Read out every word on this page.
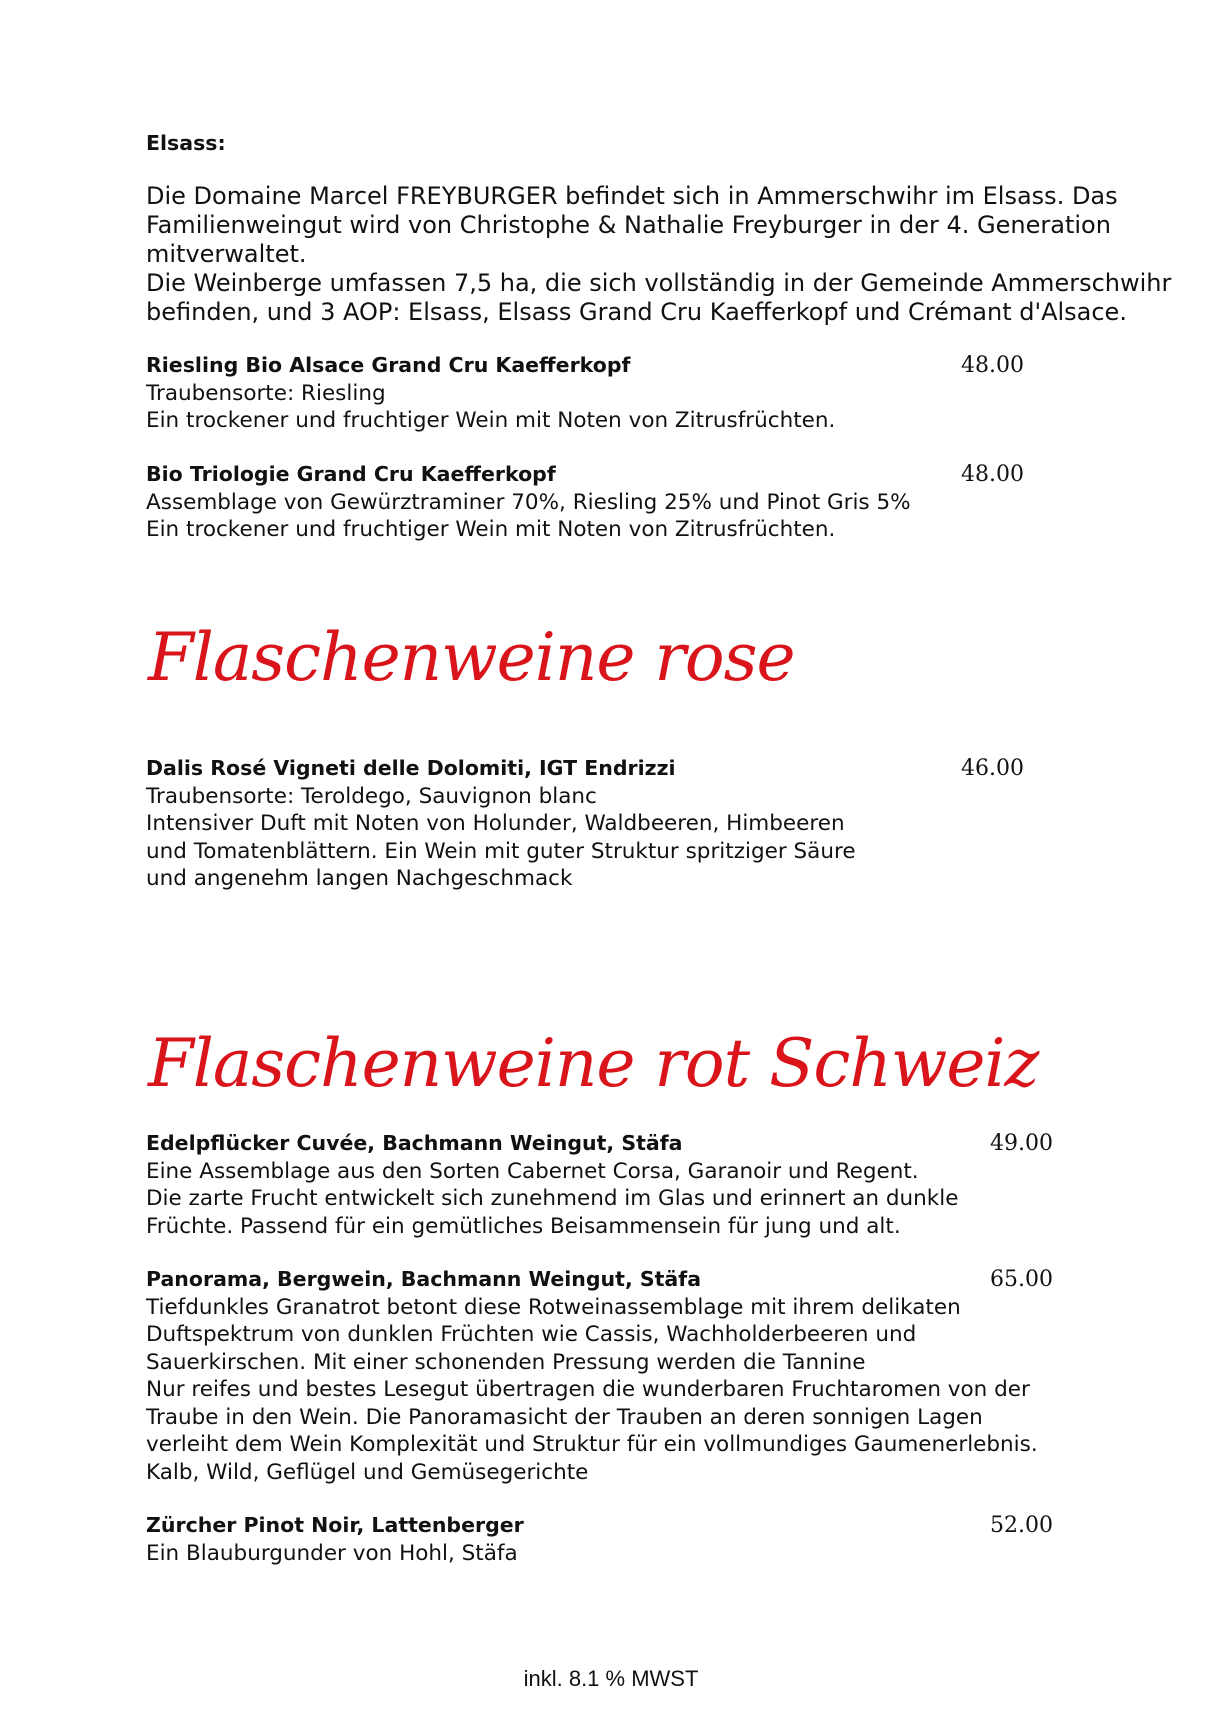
Elsass:

Die Domaine Marcel FREYBURGER befindet sich in Ammerschwihr im Elsass. Das

Familienweingut wird von Christophe & Nathalie Freyburger in der 4. Generation

mitverwaltet.

Die Weinberge umfassen 7,5 ha, die sich vollständig in der Gemeinde Ammerschwihr

befinden, und 3 AOP: Elsass, Elsass Grand Cru Kaefferkopf und Crémant d'Alsace.

Riesling Bio Alsace Grand Cru Kaefferkopf	48.00

Traubensorte: Riesling

Ein trockener und fruchtiger Wein mit Noten von Zitrusfrüchten.

Bio Triologie Grand Cru Kaefferkopf	48.00

Assemblage von Gewürztraminer 70%, Riesling 25% und Pinot Gris 5%

Ein trockener und fruchtiger Wein mit Noten von Zitrusfrüchten.

Flaschenweine rose

Dalis Rosé Vigneti delle Dolomiti, IGT Endrizzi	46.00

Traubensorte: Teroldego, Sauvignon blanc

Intensiver Duft mit Noten von Holunder, Waldbeeren, Himbeeren

und Tomatenblättern. Ein Wein mit guter Struktur spritziger Säure

und angenehm langen Nachgeschmack

Flaschenweine rot Schweiz

Edelpflücker Cuvée, Bachmann Weingut, Stäfa	49.00

Eine Assemblage aus den Sorten Cabernet Corsa, Garanoir und Regent.

Die zarte Frucht entwickelt sich zunehmend im Glas und erinnert an dunkle

Früchte. Passend für ein gemütliches Beisammensein für jung und alt.

Panorama, Bergwein, Bachmann Weingut, Stäfa	65.00

Tiefdunkles Granatrot betont diese Rotweinassemblage mit ihrem delikaten

Duftspektrum von dunklen Früchten wie Cassis, Wachholderbeeren und

Sauerkirschen. Mit einer schonenden Pressung werden die Tannine

Nur reifes und bestes Lesegut übertragen die wunderbaren Fruchtaromen von der

Traube in den Wein. Die Panoramasicht der Trauben an deren sonnigen Lagen

verleiht dem Wein Komplexität und Struktur für ein vollmundiges Gaumenerlebnis.

Kalb, Wild, Geflügel und Gemüsegerichte

Zürcher Pinot Noir, Lattenberger	52.00

Ein Blauburgunder von Hohl, Stäfa

inkl. 8.1 % MWST
